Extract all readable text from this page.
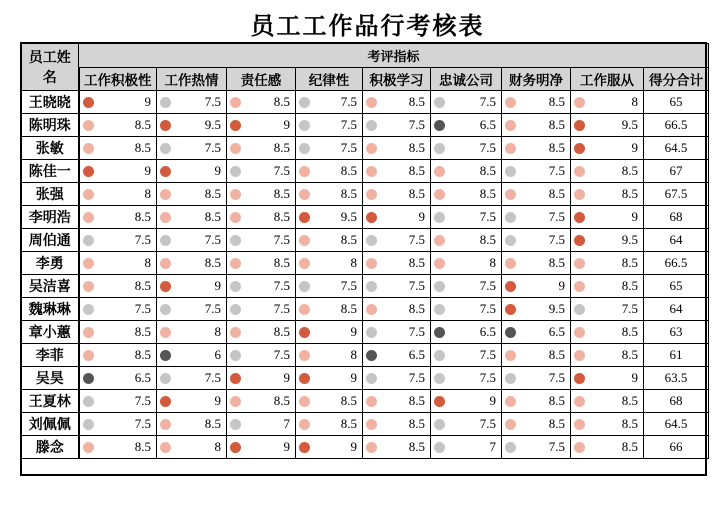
员工工作品行考核表
员工姓名	考评指标								
	工作积极性	工作热情	责任感	纪律性	积极学习	忠诚公司	财务明净	工作服从	得分合计
王晓晓	9	7.5	8.5	7.5	8.5	7.5	8.5	8	65
陈明珠	8.5	9.5	9	7.5	7.5	6.5	8.5	9.5	66.5
张敏	8.5	7.5	8.5	7.5	8.5	7.5	8.5	9	64.5
陈佳一	9	9	7.5	8.5	8.5	8.5	7.5	8.5	67
张强	8	8.5	8.5	8.5	8.5	8.5	8.5	8.5	67.5
李明浩	8.5	8.5	8.5	9.5	9	7.5	7.5	9	68
周伯通	7.5	7.5	7.5	8.5	7.5	8.5	7.5	9.5	64
李勇	8	8.5	8.5	8	8.5	8	8.5	8.5	66.5
吴洁喜	8.5	9	7.5	7.5	7.5	7.5	9	8.5	65
魏琳琳	7.5	7.5	7.5	8.5	8.5	7.5	9.5	7.5	64
章小蕙	8.5	8	8.5	9	7.5	6.5	6.5	8.5	63
李菲	8.5	6	7.5	8	6.5	7.5	8.5	8.5	61
吴昊	6.5	7.5	9	9	7.5	7.5	7.5	9	63.5
王夏林	7.5	9	8.5	8.5	8.5	9	8.5	8.5	68
刘佩佩	7.5	8.5	7	8.5	8.5	7.5	8.5	8.5	64.5
滕念	8.5	8	9	9	8.5	7	7.5	8.5	66
